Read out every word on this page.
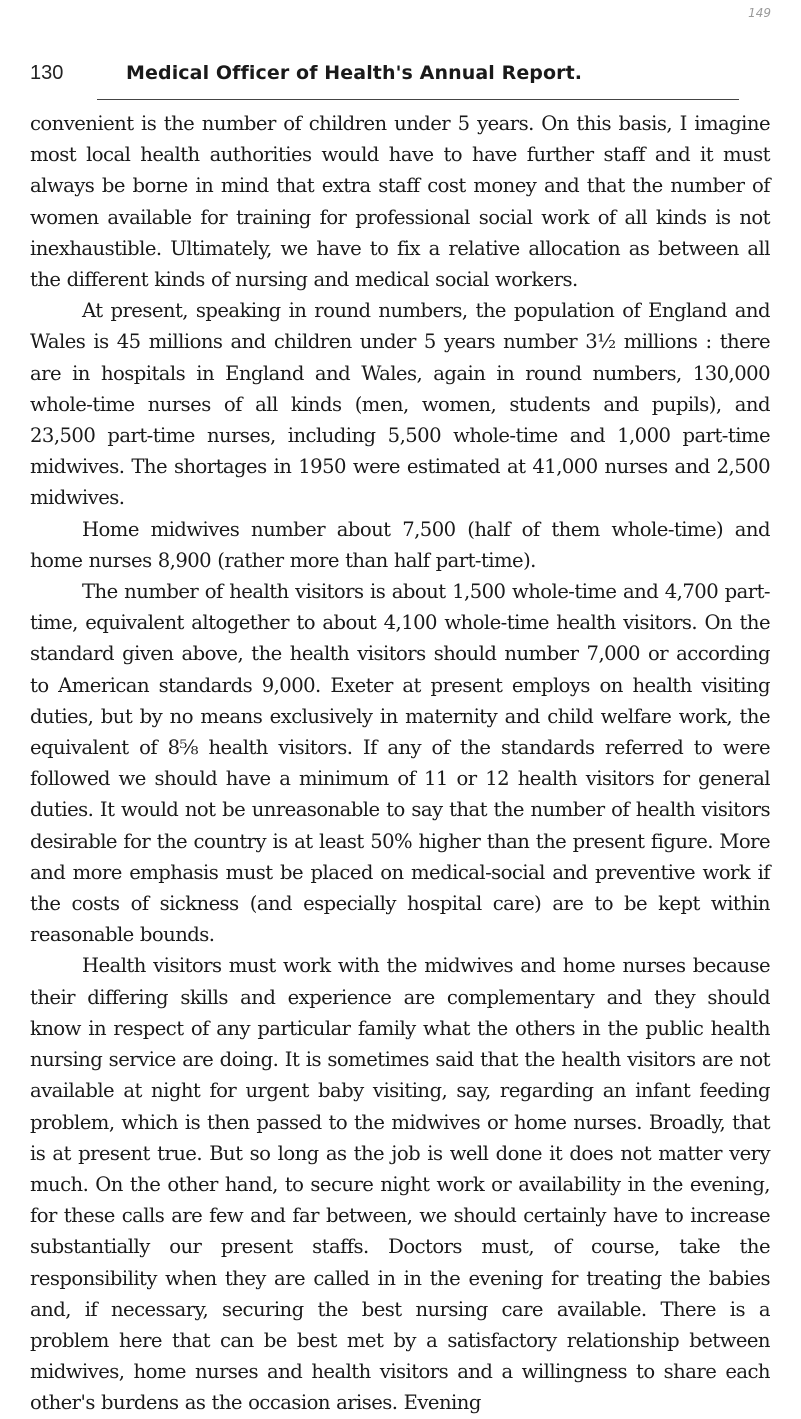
149
130	Medical Officer of Health's Annual Report.

convenient is the number of children under 5 years. On this basis, I imagine most local health authorities would have to have further staff and it must always be borne in mind that extra staff cost money and that the number of women available for training for professional social work of all kinds is not inexhaustible. Ultimately, we have to fix a relative allocation as between all the different kinds of nursing and medical social workers.

At present, speaking in round numbers, the population of England and Wales is 45 millions and children under 5 years number 3½ millions : there are in hospitals in England and Wales, again in round numbers, 130,000 whole-time nurses of all kinds (men, women, students and pupils), and 23,500 part-time nurses, including 5,500 whole-time and 1,000 part-time midwives. The shortages in 1950 were estimated at 41,000 nurses and 2,500 midwives.

Home midwives number about 7,500 (half of them whole-time) and home nurses 8,900 (rather more than half part-time).

The number of health visitors is about 1,500 whole-time and 4,700 part-time, equivalent altogether to about 4,100 whole-time health visitors. On the standard given above, the health visitors should number 7,000 or according to American standards 9,000. Exeter at present employs on health visiting duties, but by no means exclusively in maternity and child welfare work, the equivalent of 8⅝ health visitors. If any of the standards referred to were followed we should have a minimum of 11 or 12 health visitors for general duties. It would not be unreasonable to say that the number of health visitors desirable for the country is at least 50% higher than the present figure. More and more emphasis must be placed on medical-social and preventive work if the costs of sickness (and especially hospital care) are to be kept within reasonable bounds.

Health visitors must work with the midwives and home nurses because their differing skills and experience are complementary and they should know in respect of any particular family what the others in the public health nursing service are doing. It is sometimes said that the health visitors are not available at night for urgent baby visiting, say, regarding an infant feeding problem, which is then passed to the midwives or home nurses. Broadly, that is at present true. But so long as the job is well done it does not matter very much. On the other hand, to secure night work or availability in the evening, for these calls are few and far between, we should certainly have to increase substantially our present staffs. Doctors must, of course, take the responsibility when they are called in in the evening for treating the babies and, if necessary, securing the best nursing care available. There is a problem here that can be best met by a satisfactory relationship between midwives, home nurses and health visitors and a willingness to share each other's burdens as the occasion arises. Evening
